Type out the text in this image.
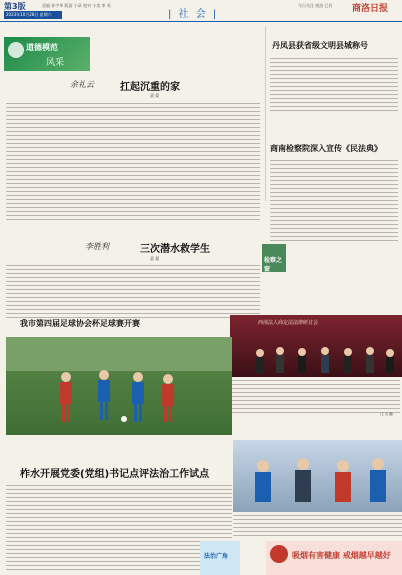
第3版
2023年10月28日 星期六
责编 孙宇华 版面 小章 校对 小房 审 英
| 社 会 |
今日关注 商洛 已有 商洛日报
道德模范
风采
余礼云	扛起沉重的家
责 晏
李胜利	三次潜水救学生
责 晏
丹凤县获省级文明县城称号
商南检察院深入宣传《民法典》
检察之窗
西部法人商定法法律研讨会
(王 宣 摄)
我市第四届足球协会杯足球赛开赛
柞水开展党委(党组)书记点评法治工作试点
法治广角	吸烟有害健康 戒烟越早越好
